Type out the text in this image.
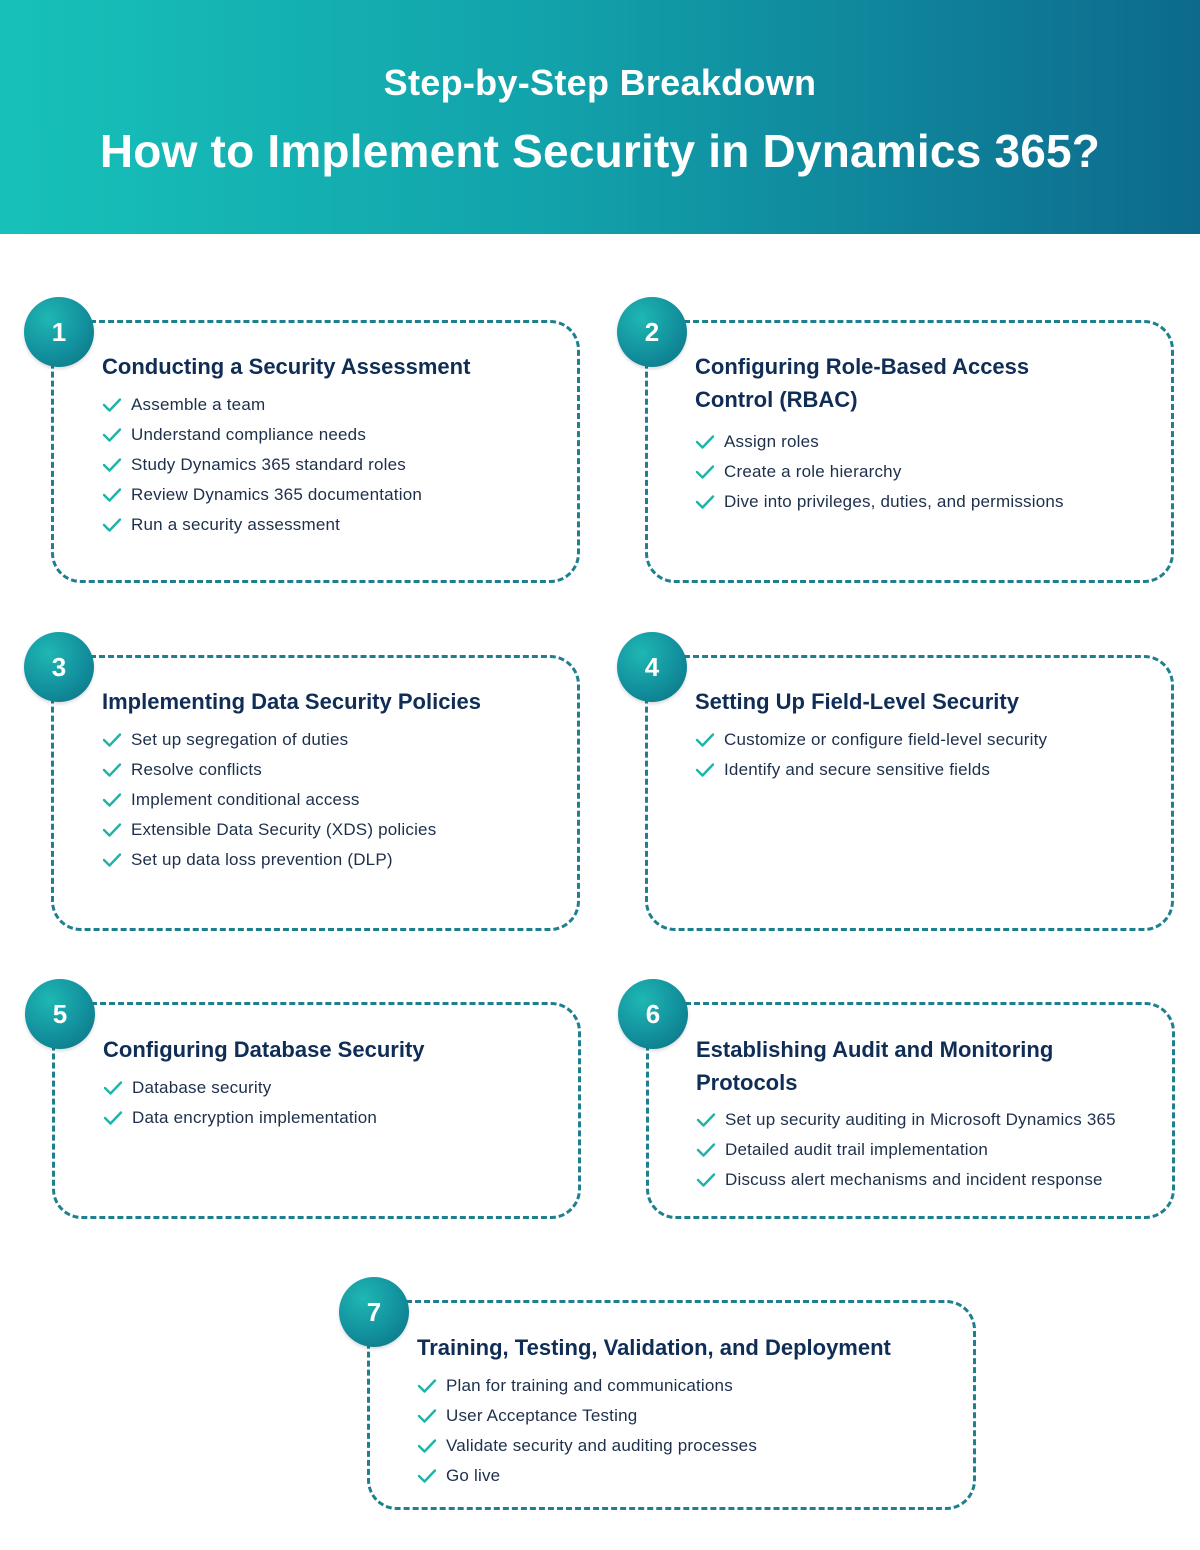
Step-by-Step Breakdown
How to Implement Security in Dynamics 365?
1
Conducting a Security Assessment
Assemble a team
Understand compliance needs
Study Dynamics 365 standard roles
Review Dynamics 365 documentation
Run a security assessment
2
Configuring Role-Based Access Control (RBAC)
Assign roles
Create a role hierarchy
Dive into privileges, duties, and permissions
3
Implementing Data Security Policies
Set up segregation of duties
Resolve conflicts
Implement conditional access
Extensible Data Security (XDS) policies
Set up data loss prevention (DLP)
4
Setting Up Field-Level Security
Customize or configure field-level security
Identify and secure sensitive fields
5
Configuring Database Security
Database security
Data encryption implementation
6
Establishing Audit and Monitoring Protocols
Set up security auditing in Microsoft Dynamics 365
Detailed audit trail implementation
Discuss alert mechanisms and incident response
7
Training, Testing, Validation, and Deployment
Plan for training and communications
User Acceptance Testing
Validate security and auditing processes
Go live
